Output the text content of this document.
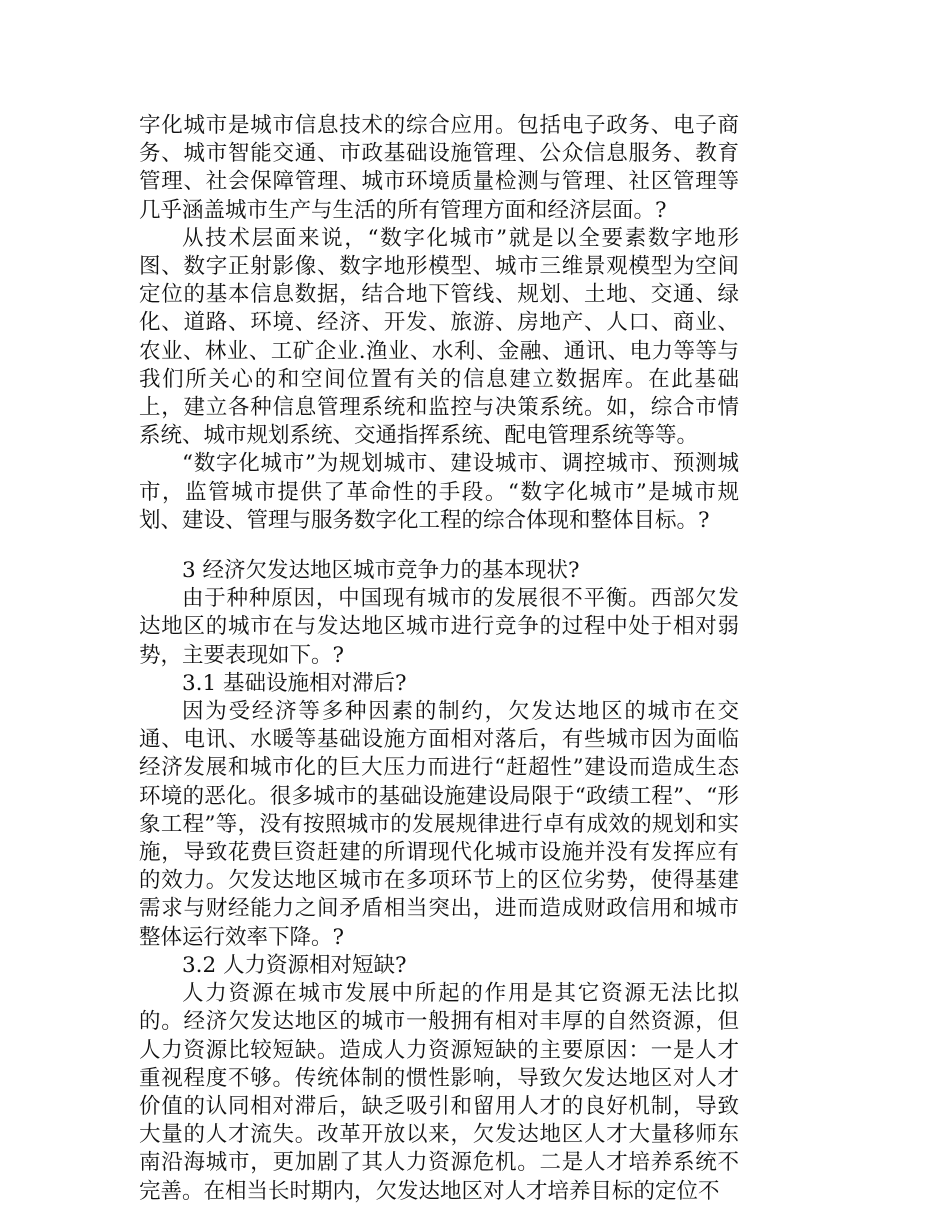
字化城市是城市信息技术的综合应用。包括电子政务、电子商务、城市智能交通、市政基础设施管理、公众信息服务、教育管理、社会保障管理、城市环境质量检测与管理、社区管理等几乎涵盖城市生产与生活的所有管理方面和经济层面。?

从技术层面来说，“数字化城市”就是以全要素数字地形图、数字正射影像、数字地形模型、城市三维景观模型为空间定位的基本信息数据，结合地下管线、规划、土地、交通、绿化、道路、环境、经济、开发、旅游、房地产、人口、商业、农业、林业、工矿企业.渔业、水利、金融、通讯、电力等等与我们所关心的和空间位置有关的信息建立数据库。在此基础上，建立各种信息管理系统和监控与决策系统。如，综合市情系统、城市规划系统、交通指挥系统、配电管理系统等等。

“数字化城市”为规划城市、建设城市、调控城市、预测城市，监管城市提供了革命性的手段。“数字化城市”是城市规划、建设、管理与服务数字化工程的综合体现和整体目标。?

3 经济欠发达地区城市竞争力的基本现状?

由于种种原因，中国现有城市的发展很不平衡。西部欠发达地区的城市在与发达地区城市进行竞争的过程中处于相对弱势，主要表现如下。?

3.1 基础设施相对滞后?

因为受经济等多种因素的制约，欠发达地区的城市在交通、电讯、水暖等基础设施方面相对落后，有些城市因为面临经济发展和城市化的巨大压力而进行“赶超性”建设而造成生态环境的恶化。很多城市的基础设施建设局限于“政绩工程”、“形象工程”等，没有按照城市的发展规律进行卓有成效的规划和实施，导致花费巨资赶建的所谓现代化城市设施并没有发挥应有的效力。欠发达地区城市在多项环节上的区位劣势，使得基建需求与财经能力之间矛盾相当突出，进而造成财政信用和城市整体运行效率下降。?

3.2 人力资源相对短缺?

人力资源在城市发展中所起的作用是其它资源无法比拟的。经济欠发达地区的城市一般拥有相对丰厚的自然资源，但人力资源比较短缺。造成人力资源短缺的主要原因：一是人才重视程度不够。传统体制的惯性影响，导致欠发达地区对人才价值的认同相对滞后，缺乏吸引和留用人才的良好机制，导致大量的人才流失。改革开放以来，欠发达地区人才大量移师东南沿海城市，更加剧了其人力资源危机。二是人才培养系统不完善。在相当长时期内，欠发达地区对人才培养目标的定位不
